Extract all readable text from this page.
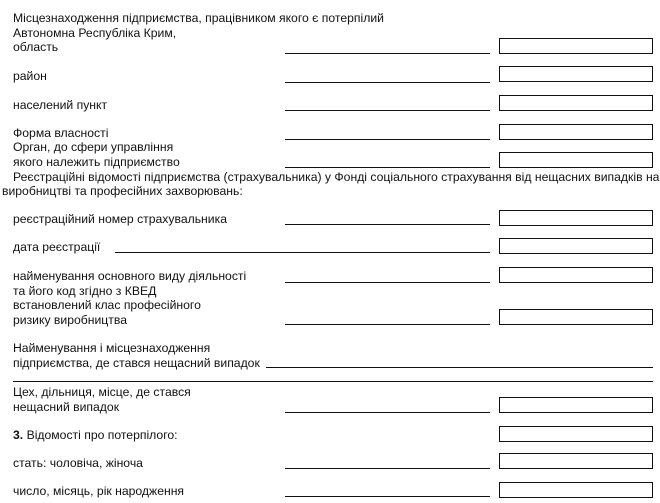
Місцезнаходження підприємства, працівником якого є потерпілий
Автономна Республіка Крим,
область
район
населений пункт
Форма власності
Орган, до сфери управління
якого належить підприємство
Реєстраційні відомості підприємства (страхувальника) у Фонді соціального страхування від нещасних випадків на
виробництві та професійних захворювань:
реєстраційний номер страхувальника
дата реєстрації
найменування основного виду діяльності
та його код згідно з КВЕД
встановлений клас професійного
ризику виробництва
Найменування і місцезнаходження
підприємства, де стався нещасний випадок
Цех, дільниця, місце, де стався
нещасний випадок
3. Відомості про потерпілого:
стать: чоловіча, жіноча
число, місяць, рік народження
